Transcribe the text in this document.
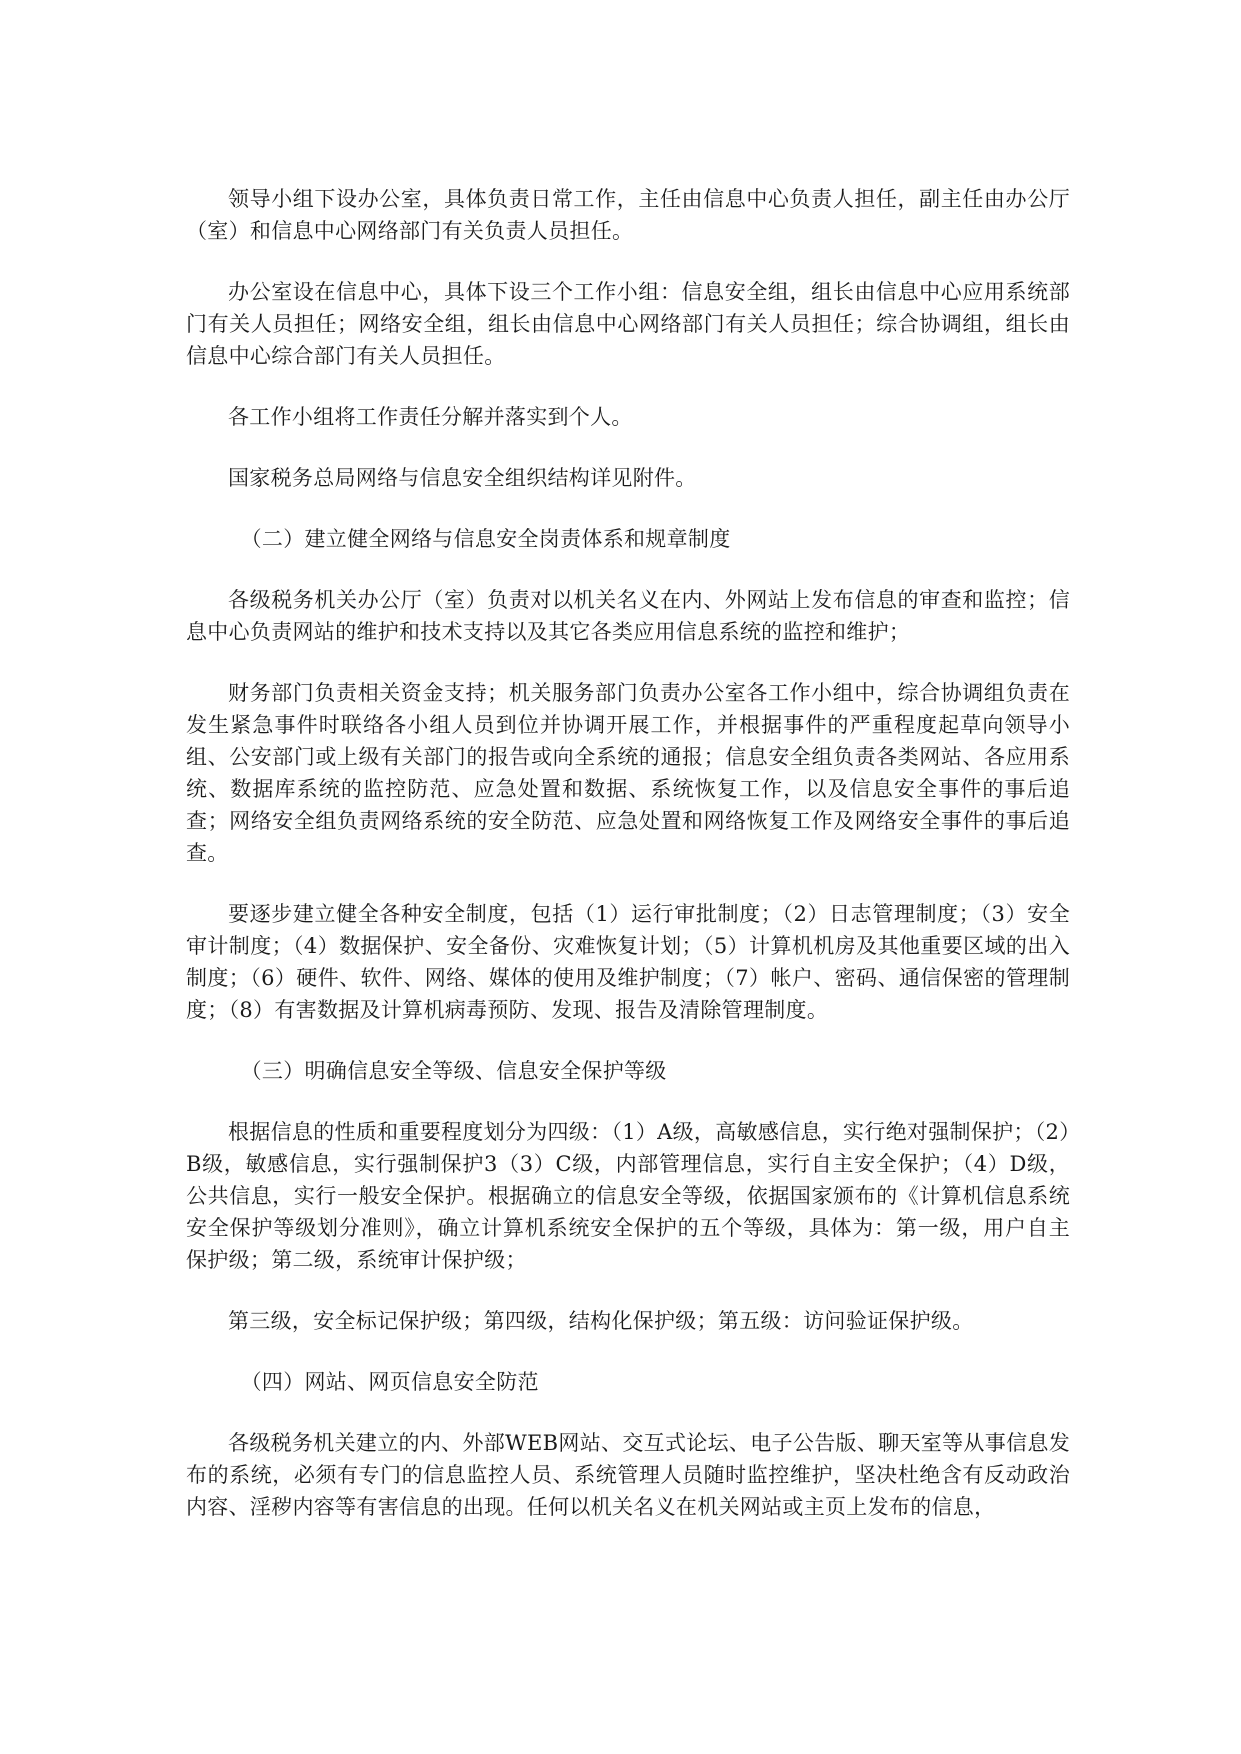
领导小组下设办公室，具体负责日常工作，主任由信息中心负责人担任，副主任由办公厅（室）和信息中心网络部门有关负责人员担任。

办公室设在信息中心，具体下设三个工作小组：信息安全组，组长由信息中心应用系统部门有关人员担任；网络安全组，组长由信息中心网络部门有关人员担任；综合协调组，组长由信息中心综合部门有关人员担任。

各工作小组将工作责任分解并落实到个人。

国家税务总局网络与信息安全组织结构详见附件。

（二）建立健全网络与信息安全岗责体系和规章制度

各级税务机关办公厅（室）负责对以机关名义在内、外网站上发布信息的审查和监控；信息中心负责网站的维护和技术支持以及其它各类应用信息系统的监控和维护；

财务部门负责相关资金支持；机关服务部门负责办公室各工作小组中，综合协调组负责在发生紧急事件时联络各小组人员到位并协调开展工作，并根据事件的严重程度起草向领导小组、公安部门或上级有关部门的报告或向全系统的通报；信息安全组负责各类网站、各应用系统、数据库系统的监控防范、应急处置和数据、系统恢复工作，以及信息安全事件的事后追查；网络安全组负责网络系统的安全防范、应急处置和网络恢复工作及网络安全事件的事后追查。

要逐步建立健全各种安全制度，包括（1）运行审批制度；（2）日志管理制度；（3）安全审计制度；（4）数据保护、安全备份、灾难恢复计划；（5）计算机机房及其他重要区域的出入制度；（6）硬件、软件、网络、媒体的使用及维护制度；（7）帐户、密码、通信保密的管理制度；（8）有害数据及计算机病毒预防、发现、报告及清除管理制度。

（三）明确信息安全等级、信息安全保护等级

根据信息的性质和重要程度划分为四级：（1）A级，高敏感信息，实行绝对强制保护；（2）B级，敏感信息，实行强制保护3（3）C级，内部管理信息，实行自主安全保护；（4）D级，公共信息，实行一般安全保护。根据确立的信息安全等级，依据国家颁布的《计算机信息系统安全保护等级划分准则》，确立计算机系统安全保护的五个等级，具体为：第一级，用户自主保护级；第二级，系统审计保护级；

第三级，安全标记保护级；第四级，结构化保护级；第五级：访问验证保护级。

（四）网站、网页信息安全防范

各级税务机关建立的内、外部WEB网站、交互式论坛、电子公告版、聊天室等从事信息发布的系统，必须有专门的信息监控人员、系统管理人员随时监控维护，坚决杜绝含有反动政治内容、淫秽内容等有害信息的出现。任何以机关名义在机关网站或主页上发布的信息，
